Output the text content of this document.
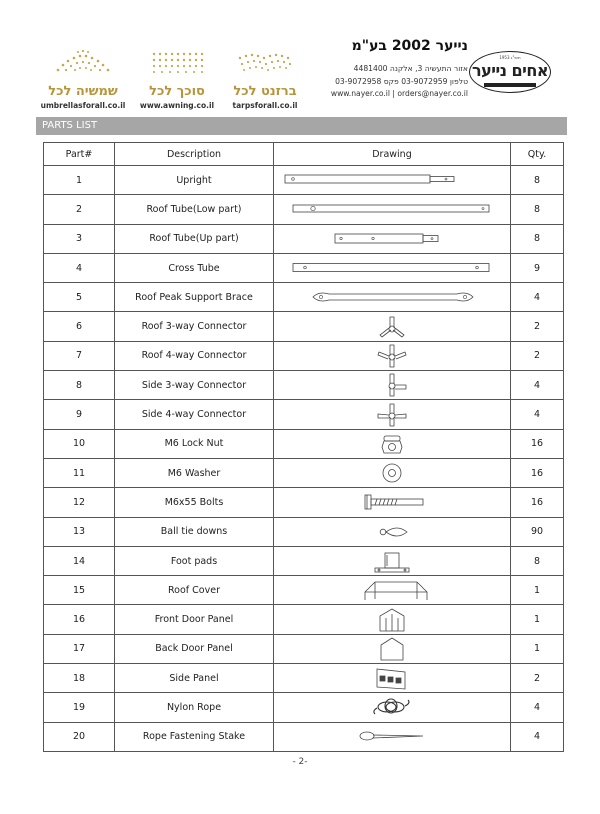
שמשיה לכל
umbrellasforall.co.il
סוכך לכל
www.awning.co.il
ברזנט לכל
tarpsforall.co.il
נייער 2002 בע"מ
אזור התעשיה 3, אלקנה 4481400
טלפון 03-9072959 פקס 03-9072958
www.nayer.co.il | orders@nayer.co.il
1953 תשי"ג
אחים נייער
PARTS LIST
Part#	Description	Drawing	Qty.
1	Upright		8
2	Roof Tube(Low part)		8
3	Roof Tube(Up part)		8
4	Cross Tube		9
5	Roof Peak Support Brace		4
6	Roof 3-way Connector		2
7	Roof 4-way Connector		2
8	Side 3-way Connector		4
9	Side 4-way Connector		4
10	M6 Lock Nut		16
11	M6 Washer		16
12	M6x55 Bolts		16
13	Ball tie downs		90
14	Foot pads		8
15	Roof Cover		1
16	Front Door Panel		1
17	Back Door Panel		1
18	Side Panel		2
19	Nylon Rope		4
20	Rope Fastening Stake		4
- 2-
